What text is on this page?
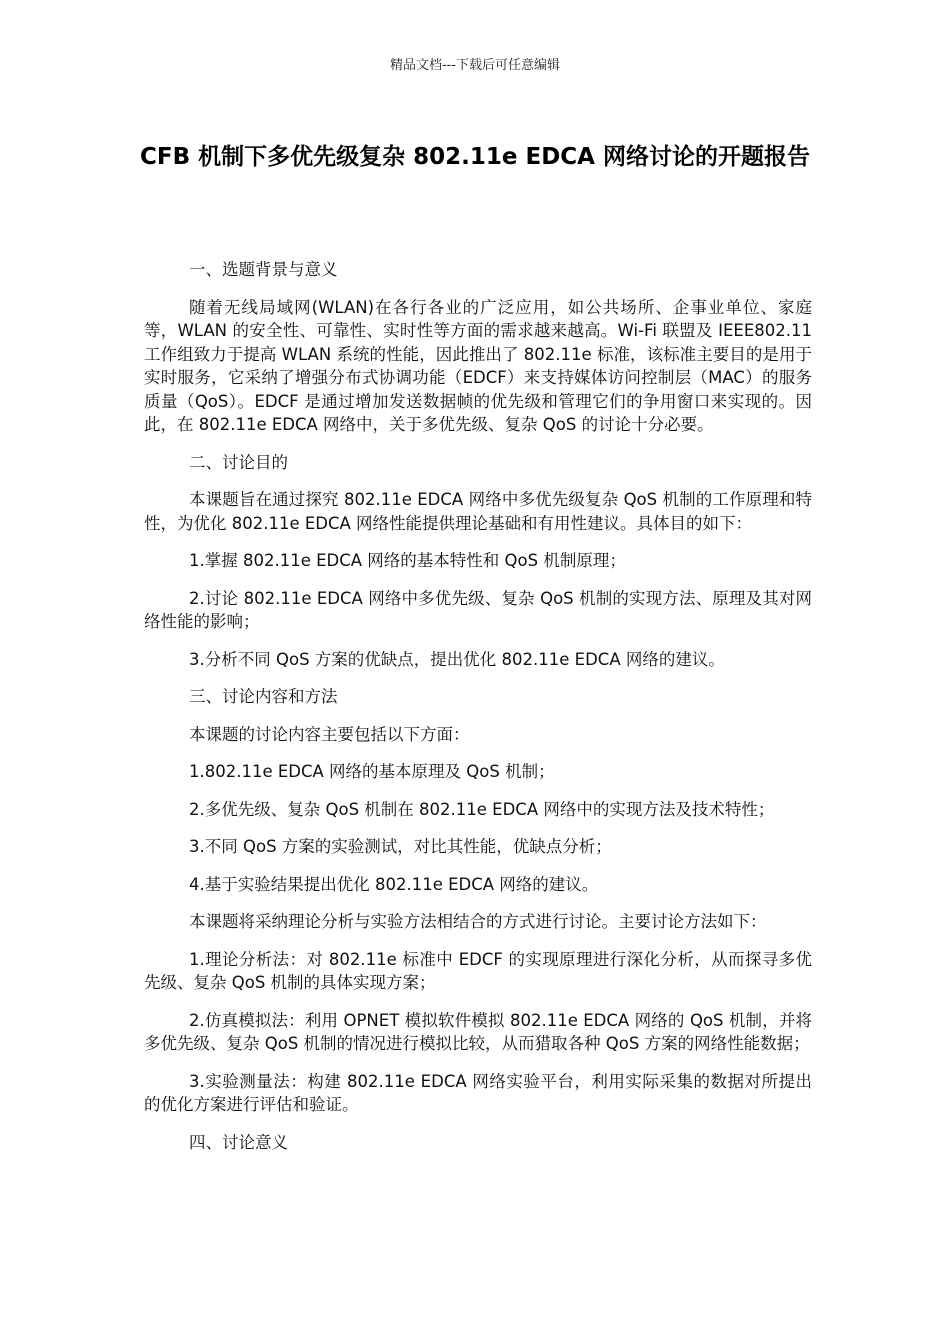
精品文档---下载后可任意编辑
CFB 机制下多优先级复杂 802.11e EDCA 网络讨论的开题报告

一、选题背景与意义

随着无线局域网(WLAN)在各行各业的广泛应用，如公共场所、企事业单位、家庭等，WLAN 的安全性、可靠性、实时性等方面的需求越来越高。Wi-Fi 联盟及 IEEE802.11 工作组致力于提高 WLAN 系统的性能，因此推出了 802.11e 标准，该标准主要目的是用于实时服务，它采纳了增强分布式协调功能（EDCF）来支持媒体访问控制层（MAC）的服务质量（QoS）。EDCF 是通过增加发送数据帧的优先级和管理它们的争用窗口来实现的。因此，在 802.11e EDCA 网络中，关于多优先级、复杂 QoS 的讨论十分必要。

二、讨论目的

本课题旨在通过探究 802.11e EDCA 网络中多优先级复杂 QoS 机制的工作原理和特性，为优化 802.11e EDCA 网络性能提供理论基础和有用性建议。具体目的如下：

1.掌握 802.11e EDCA 网络的基本特性和 QoS 机制原理；

2.讨论 802.11e EDCA 网络中多优先级、复杂 QoS 机制的实现方法、原理及其对网络性能的影响；

3.分析不同 QoS 方案的优缺点，提出优化 802.11e EDCA 网络的建议。

三、讨论内容和方法

本课题的讨论内容主要包括以下方面：

1.802.11e EDCA 网络的基本原理及 QoS 机制；

2.多优先级、复杂 QoS 机制在 802.11e EDCA 网络中的实现方法及技术特性；

3.不同 QoS 方案的实验测试，对比其性能，优缺点分析；

4.基于实验结果提出优化 802.11e EDCA 网络的建议。

本课题将采纳理论分析与实验方法相结合的方式进行讨论。主要讨论方法如下：

1.理论分析法：对 802.11e 标准中 EDCF 的实现原理进行深化分析，从而探寻多优先级、复杂 QoS 机制的具体实现方案；

2.仿真模拟法：利用 OPNET 模拟软件模拟 802.11e EDCA 网络的 QoS 机制，并将多优先级、复杂 QoS 机制的情况进行模拟比较，从而猎取各种 QoS 方案的网络性能数据；

3.实验测量法：构建 802.11e EDCA 网络实验平台，利用实际采集的数据对所提出的优化方案进行评估和验证。

四、讨论意义
